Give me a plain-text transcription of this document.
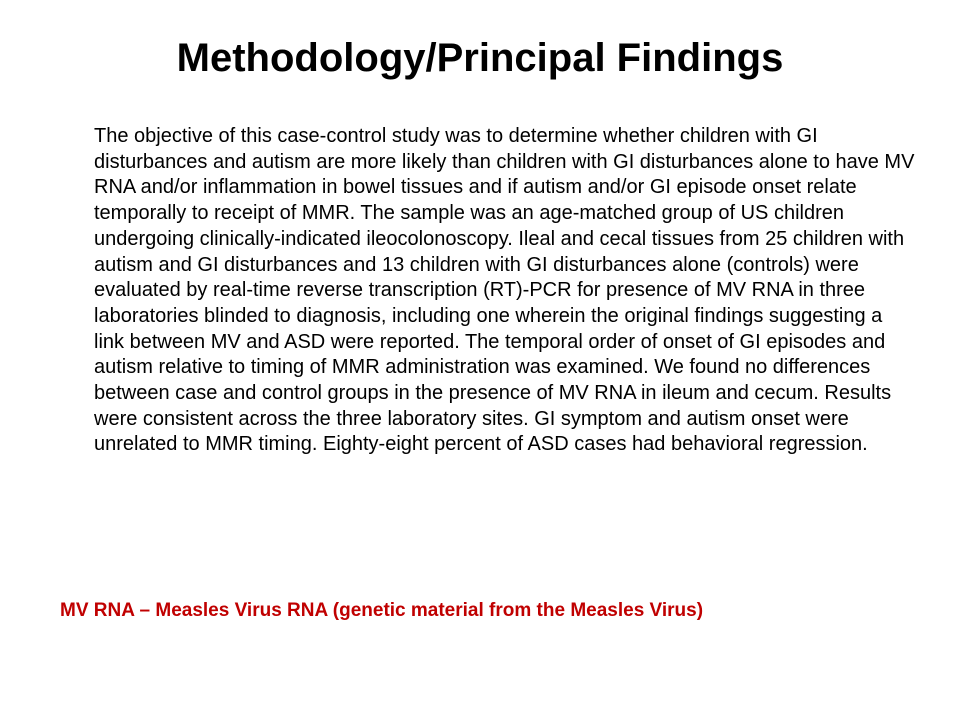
Methodology/Principal Findings

The objective of this case-control study was to determine whether children with GI disturbances and autism are more likely than children with GI disturbances alone to have MV RNA and/or inflammation in bowel tissues and if autism and/or GI episode onset relate temporally to receipt of MMR. The sample was an age-matched group of US children undergoing clinically-indicated ileocolonoscopy. Ileal and cecal tissues from 25 children with autism and GI disturbances and 13 children with GI disturbances alone (controls) were evaluated by real-time reverse transcription (RT)-PCR for presence of MV RNA in three laboratories blinded to diagnosis, including one wherein the original findings suggesting a link between MV and ASD were reported. The temporal order of onset of GI episodes and autism relative to timing of MMR administration was examined. We found no differences between case and control groups in the presence of MV RNA in ileum and cecum. Results were consistent across the three laboratory sites. GI symptom and autism onset were unrelated to MMR timing. Eighty-eight percent of ASD cases had behavioral regression.

MV RNA – Measles Virus RNA (genetic material from the Measles Virus)
